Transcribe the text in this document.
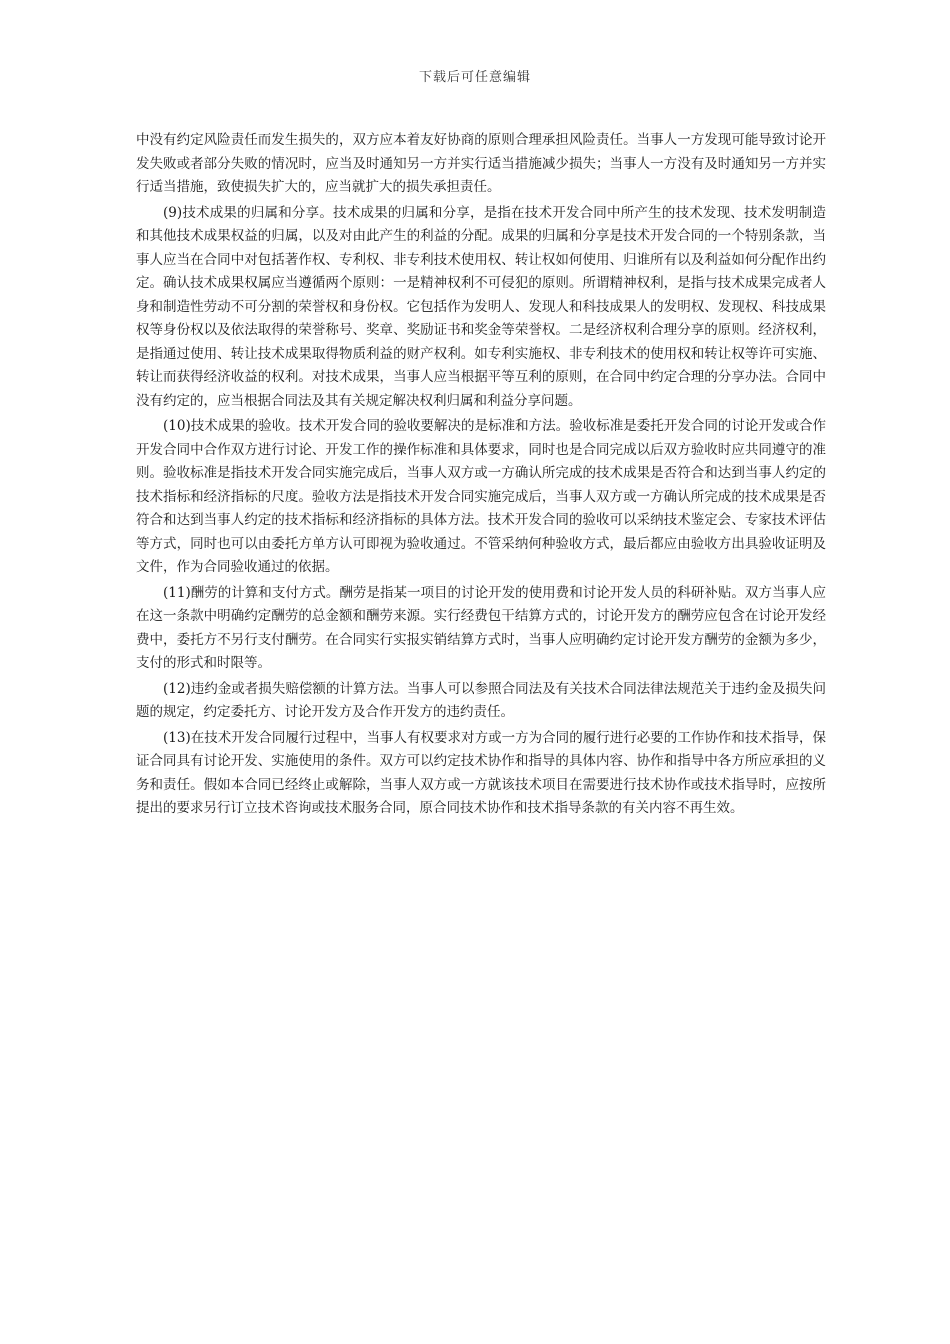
下载后可任意编辑

中没有约定风险责任而发生损失的，双方应本着友好协商的原则合理承担风险责任。当事人一方发现可能导致讨论开发失败或者部分失败的情况时，应当及时通知另一方并实行适当措施减少损失；当事人一方没有及时通知另一方并实行适当措施，致使损失扩大的，应当就扩大的损失承担责任。

(9)技术成果的归属和分享。技术成果的归属和分享，是指在技术开发合同中所产生的技术发现、技术发明制造和其他技术成果权益的归属，以及对由此产生的利益的分配。成果的归属和分享是技术开发合同的一个特别条款，当事人应当在合同中对包括著作权、专利权、非专利技术使用权、转让权如何使用、归谁所有以及利益如何分配作出约定。确认技术成果权属应当遵循两个原则：一是精神权利不可侵犯的原则。所谓精神权利，是指与技术成果完成者人身和制造性劳动不可分割的荣誉权和身份权。它包括作为发明人、发现人和科技成果人的发明权、发现权、科技成果权等身份权以及依法取得的荣誉称号、奖章、奖励证书和奖金等荣誉权。二是经济权利合理分享的原则。经济权利，是指通过使用、转让技术成果取得物质利益的财产权利。如专利实施权、非专利技术的使用权和转让权等许可实施、转让而获得经济收益的权利。对技术成果，当事人应当根据平等互利的原则，在合同中约定合理的分享办法。合同中没有约定的，应当根据合同法及其有关规定解决权利归属和利益分享问题。

(10)技术成果的验收。技术开发合同的验收要解决的是标准和方法。验收标准是委托开发合同的讨论开发或合作开发合同中合作双方进行讨论、开发工作的操作标准和具体要求，同时也是合同完成以后双方验收时应共同遵守的准则。验收标准是指技术开发合同实施完成后，当事人双方或一方确认所完成的技术成果是否符合和达到当事人约定的技术指标和经济指标的尺度。验收方法是指技术开发合同实施完成后，当事人双方或一方确认所完成的技术成果是否符合和达到当事人约定的技术指标和经济指标的具体方法。技术开发合同的验收可以采纳技术鉴定会、专家技术评估等方式，同时也可以由委托方单方认可即视为验收通过。不管采纳何种验收方式，最后都应由验收方出具验收证明及文件，作为合同验收通过的依据。

(11)酬劳的计算和支付方式。酬劳是指某一项目的讨论开发的使用费和讨论开发人员的科研补贴。双方当事人应在这一条款中明确约定酬劳的总金额和酬劳来源。实行经费包干结算方式的，讨论开发方的酬劳应包含在讨论开发经费中，委托方不另行支付酬劳。在合同实行实报实销结算方式时，当事人应明确约定讨论开发方酬劳的金额为多少，支付的形式和时限等。

(12)违约金或者损失赔偿额的计算方法。当事人可以参照合同法及有关技术合同法律法规范关于违约金及损失问题的规定，约定委托方、讨论开发方及合作开发方的违约责任。

(13)在技术开发合同履行过程中，当事人有权要求对方或一方为合同的履行进行必要的工作协作和技术指导，保证合同具有讨论开发、实施使用的条件。双方可以约定技术协作和指导的具体内容、协作和指导中各方所应承担的义务和责任。假如本合同已经终止或解除，当事人双方或一方就该技术项目在需要进行技术协作或技术指导时，应按所提出的要求另行订立技术咨询或技术服务合同，原合同技术协作和技术指导条款的有关内容不再生效。
